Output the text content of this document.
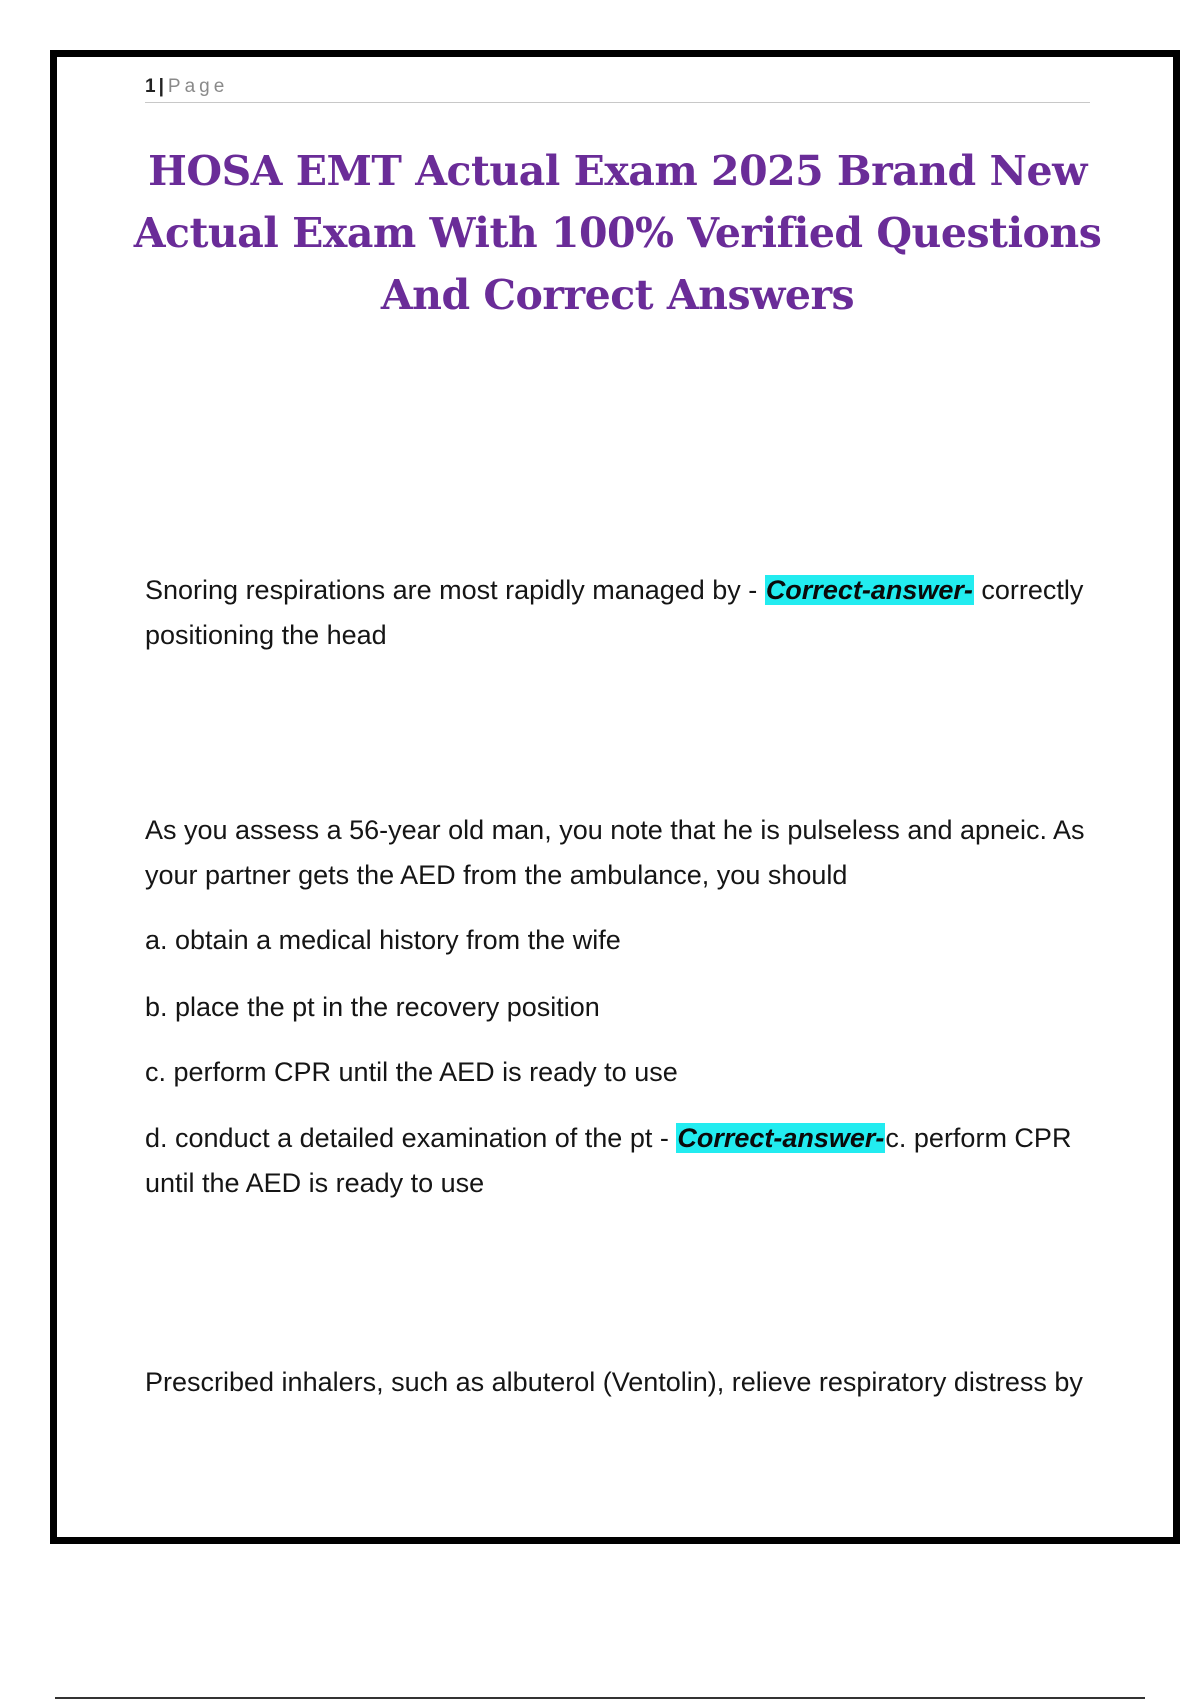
1 | Page
HOSA EMT Actual Exam 2025 Brand New Actual Exam With 100% Verified Questions And Correct Answers

Snoring respirations are most rapidly managed by - Correct-answer- correctly positioning the head

As you assess a 56-year old man, you note that he is pulseless and apneic. As your partner gets the AED from the ambulance, you should

a. obtain a medical history from the wife

b. place the pt in the recovery position

c. perform CPR until the AED is ready to use

d. conduct a detailed examination of the pt - Correct-answer-c. perform CPR until the AED is ready to use

Prescribed inhalers, such as albuterol (Ventolin), relieve respiratory distress by
